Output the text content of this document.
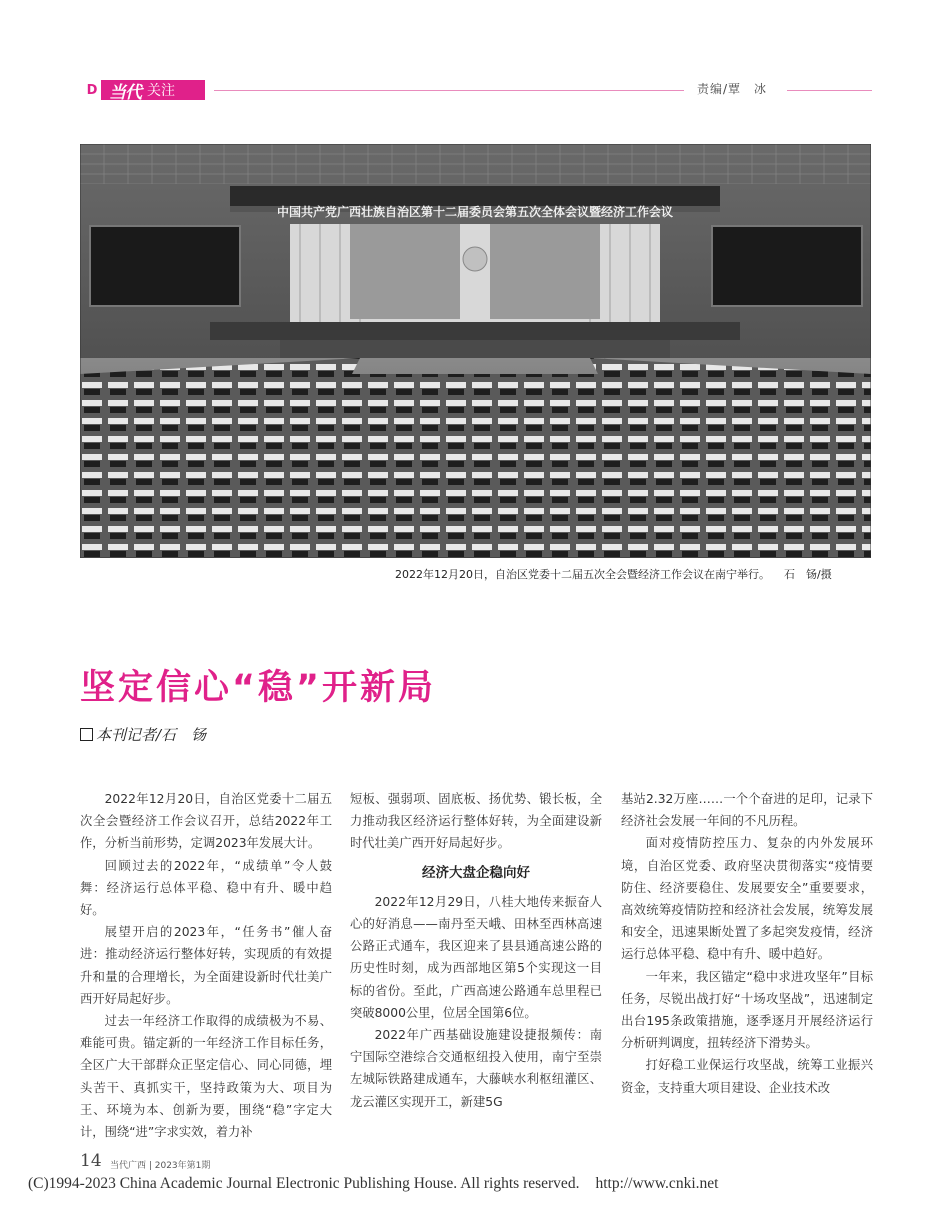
D 当代 关注	责编/覃　冰
中国共产党广西壮族自治区第十二届委员会第五次全体会议暨经济工作会议
2022年12月20日，自治区党委十二届五次全会暨经济工作会议在南宁举行。 石　钖/摄
坚定信心“稳”开新局
本刊记者/石　钖

2022年12月20日，自治区党委十二届五次全会暨经济工作会议召开，总结2022年工作，分析当前形势，定调2023年发展大计。

回顾过去的2022年，“成绩单”令人鼓舞：经济运行总体平稳、稳中有升、暖中趋好。

展望开启的2023年，“任务书”催人奋进：推动经济运行整体好转，实现质的有效提升和量的合理增长，为全面建设新时代壮美广西开好局起好步。

过去一年经济工作取得的成绩极为不易、难能可贵。锚定新的一年经济工作目标任务，全区广大干部群众正坚定信心、同心同德，埋头苦干、真抓实干，坚持政策为大、项目为王、环境为本、创新为要，围绕“稳”字定大计，围绕“进”字求实效，着力补

短板、强弱项、固底板、扬优势、锻长板，全力推动我区经济运行整体好转，为全面建设新时代壮美广西开好局起好步。

经济大盘企稳向好

2022年12月29日，八桂大地传来振奋人心的好消息——南丹至天峨、田林至西林高速公路正式通车，我区迎来了县县通高速公路的历史性时刻，成为西部地区第5个实现这一目标的省份。至此，广西高速公路通车总里程已突破8000公里，位居全国第6位。

2022年广西基础设施建设捷报频传：南宁国际空港综合交通枢纽投入使用，南宁至崇左城际铁路建成通车，大藤峡水利枢纽灌区、龙云灌区实现开工，新建5G

基站2.32万座……一个个奋进的足印，记录下经济社会发展一年间的不凡历程。

面对疫情防控压力、复杂的内外发展环境，自治区党委、政府坚决贯彻落实“疫情要防住、经济要稳住、发展要安全”重要要求，高效统筹疫情防控和经济社会发展，统筹发展和安全，迅速果断处置了多起突发疫情，经济运行总体平稳、稳中有升、暖中趋好。

一年来，我区锚定“稳中求进攻坚年”目标任务，尽锐出战打好“十场攻坚战”，迅速制定出台195条政策措施，逐季逐月开展经济运行分析研判调度，扭转经济下滑势头。

打好稳工业保运行攻坚战，统筹工业振兴资金，支持重大项目建设、企业技术改

14 当代广西 | 2023年第1期
(C)1994-2023 China Academic Journal Electronic Publishing House. All rights reserved. http://www.cnki.net
